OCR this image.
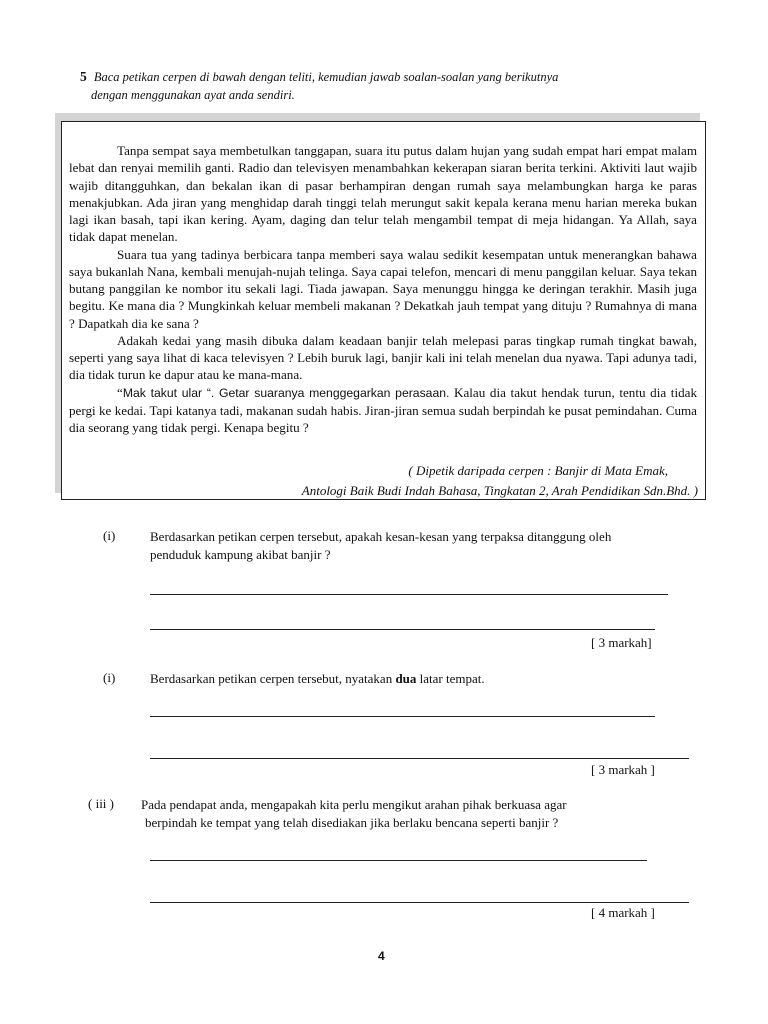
5 Baca petikan cerpen di bawah dengan teliti, kemudian jawab soalan-soalan yang berikutnya
dengan menggunakan ayat anda sendiri.

Tanpa sempat saya membetulkan tanggapan, suara itu putus dalam hujan yang sudah empat hari empat malam lebat dan renyai memilih ganti. Radio dan televisyen menambahkan kekerapan siaran berita terkini. Aktiviti laut wajib wajib ditangguhkan, dan bekalan ikan di pasar berhampiran dengan rumah saya melambungkan harga ke paras menakjubkan. Ada jiran yang menghidap darah tinggi telah merungut sakit kepala kerana menu harian mereka bukan lagi ikan basah, tapi ikan kering. Ayam, daging dan telur telah mengambil tempat di meja hidangan. Ya Allah, saya tidak dapat menelan.

Suara tua yang tadinya berbicara tanpa memberi saya walau sedikit kesempatan untuk menerangkan bahawa saya bukanlah Nana, kembali menujah-nujah telinga. Saya capai telefon, mencari di menu panggilan keluar. Saya tekan butang panggilan ke nombor itu sekali lagi. Tiada jawapan. Saya menunggu hingga ke deringan terakhir. Masih juga begitu. Ke mana dia ? Mungkinkah keluar membeli makanan ? Dekatkah jauh tempat yang dituju ? Rumahnya di mana ? Dapatkah dia ke sana ?

Adakah kedai yang masih dibuka dalam keadaan banjir telah melepasi paras tingkap rumah tingkat bawah, seperti yang saya lihat di kaca televisyen ? Lebih buruk lagi, banjir kali ini telah menelan dua nyawa. Tapi adunya tadi, dia tidak turun ke dapur atau ke mana-mana.

“Mak takut ular “. Getar suaranya menggegarkan perasaan. Kalau dia takut hendak turun, tentu dia tidak pergi ke kedai. Tapi katanya tadi, makanan sudah habis. Jiran-jiran semua sudah berpindah ke pusat pemindahan. Cuma dia seorang yang tidak pergi. Kenapa begitu ?

( Dipetik daripada cerpen : Banjir di Mata Emak,
Antologi Baik Budi Indah Bahasa, Tingkatan 2, Arah Pendidikan Sdn.Bhd. )
(i)	Berdasarkan petikan cerpen tersebut, apakah kesan-kesan yang terpaksa ditanggung oleh
penduduk kampung akibat banjir ?
[ 3 markah]
(i)	Berdasarkan petikan cerpen tersebut, nyatakan dua latar tempat.
[ 3 markah ]
( iii ) Pada pendapat anda, mengapakah kita perlu mengikut arahan pihak berkuasa agar
berpindah ke tempat yang telah disediakan jika berlaku bencana seperti banjir ?
[ 4 markah ]
4
